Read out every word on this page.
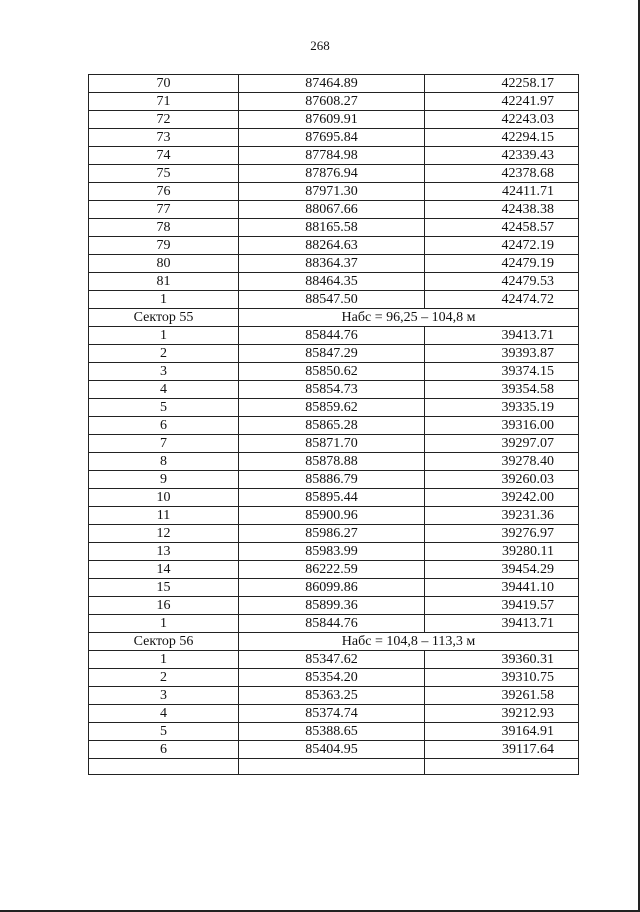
268
70	87464.89	42258.17
71	87608.27	42241.97
72	87609.91	42243.03
73	87695.84	42294.15
74	87784.98	42339.43
75	87876.94	42378.68
76	87971.30	42411.71
77	88067.66	42438.38
78	88165.58	42458.57
79	88264.63	42472.19
80	88364.37	42479.19
81	88464.35	42479.53
1	88547.50	42474.72
Сектор 55	Набс = 96,25 – 104,8 м	
1	85844.76	39413.71
2	85847.29	39393.87
3	85850.62	39374.15
4	85854.73	39354.58
5	85859.62	39335.19
6	85865.28	39316.00
7	85871.70	39297.07
8	85878.88	39278.40
9	85886.79	39260.03
10	85895.44	39242.00
11	85900.96	39231.36
12	85986.27	39276.97
13	85983.99	39280.11
14	86222.59	39454.29
15	86099.86	39441.10
16	85899.36	39419.57
1	85844.76	39413.71
Сектор 56	Набс = 104,8 – 113,3 м	
1	85347.62	39360.31
2	85354.20	39310.75
3	85363.25	39261.58
4	85374.74	39212.93
5	85388.65	39164.91
6	85404.95	39117.64
